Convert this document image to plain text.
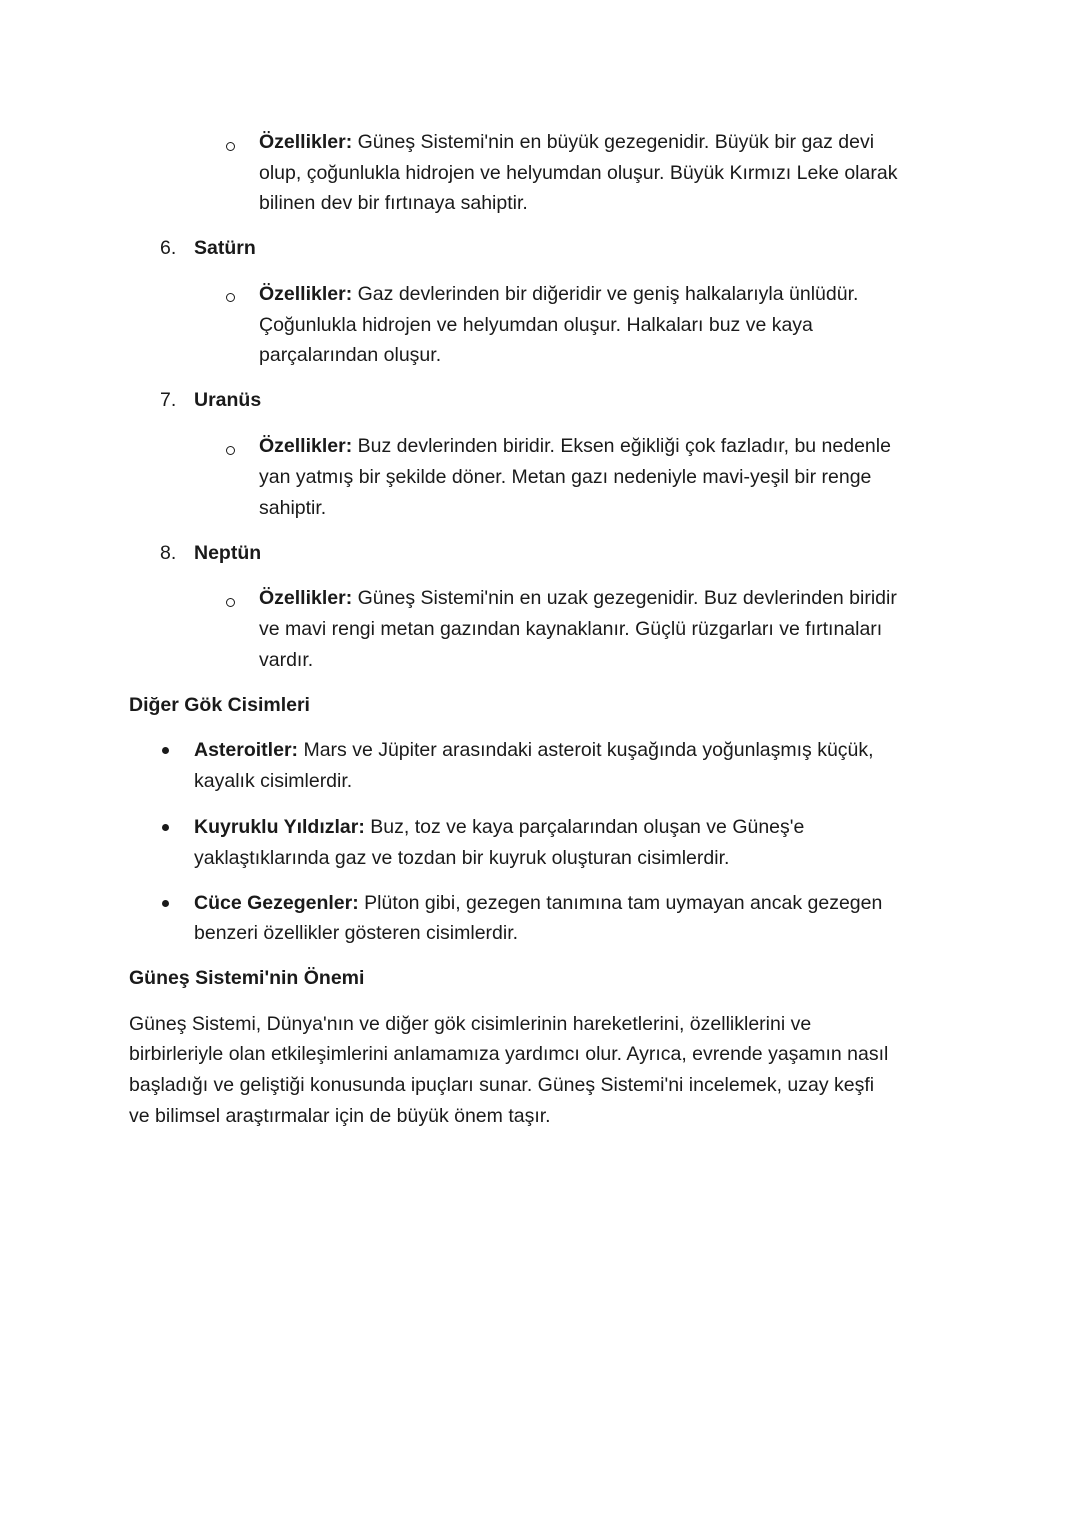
Özellikler: Güneş Sistemi'nin en büyük gezegenidir. Büyük bir gaz devi
olup, çoğunlukla hidrojen ve helyumdan oluşur. Büyük Kırmızı Leke olarak
bilinen dev bir fırtınaya sahiptir.
6. Satürn
Özellikler: Gaz devlerinden bir diğeridir ve geniş halkalarıyla ünlüdür.
Çoğunlukla hidrojen ve helyumdan oluşur. Halkaları buz ve kaya
parçalarından oluşur.
7. Uranüs
Özellikler: Buz devlerinden biridir. Eksen eğikliği çok fazladır, bu nedenle
yan yatmış bir şekilde döner. Metan gazı nedeniyle mavi-yeşil bir renge
sahiptir.
8. Neptün
Özellikler: Güneş Sistemi'nin en uzak gezegenidir. Buz devlerinden biridir
ve mavi rengi metan gazından kaynaklanır. Güçlü rüzgarları ve fırtınaları
vardır.
Diğer Gök Cisimleri
Asteroitler: Mars ve Jüpiter arasındaki asteroit kuşağında yoğunlaşmış küçük,
kayalık cisimlerdir.
Kuyruklu Yıldızlar: Buz, toz ve kaya parçalarından oluşan ve Güneş'e
yaklaştıklarında gaz ve tozdan bir kuyruk oluşturan cisimlerdir.
Cüce Gezegenler: Plüton gibi, gezegen tanımına tam uymayan ancak gezegen
benzeri özellikler gösteren cisimlerdir.
Güneş Sistemi'nin Önemi
Güneş Sistemi, Dünya'nın ve diğer gök cisimlerinin hareketlerini, özelliklerini ve
birbirleriyle olan etkileşimlerini anlamamıza yardımcı olur. Ayrıca, evrende yaşamın nasıl
başladığı ve geliştiği konusunda ipuçları sunar. Güneş Sistemi'ni incelemek, uzay keşfi
ve bilimsel araştırmalar için de büyük önem taşır.
